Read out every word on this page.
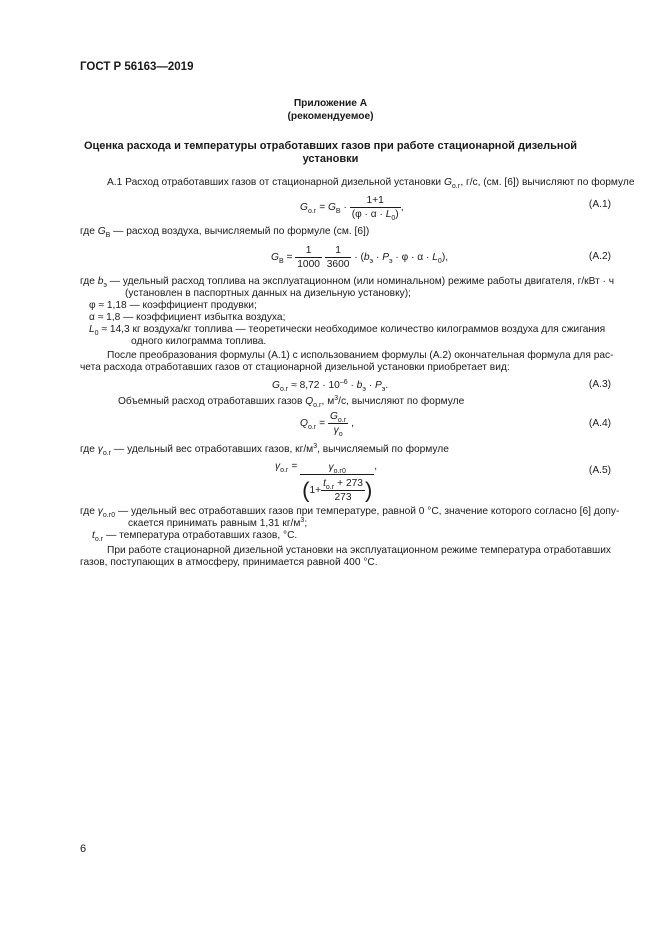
ГОСТ Р 56163—2019
Приложение А
(рекомендуемое)
Оценка расхода и температуры отработавших газов при работе стационарной дизельной
установки
А.1 Расход отработавших газов от стационарной дизельной установки $G_{о.г}$, г/с, (см. [6]) вычисляют по формуле
$G_{о.г} = G_В \cdot \frac{1+1}{(\varphi \cdot \alpha \cdot L_0)}$ ,	(А.1)
где $G_В$ — расход воздуха, вычисляемый по формуле (см. [6])
$G_В = \frac{1}{1000}$
$\frac{1}{3600} \cdot (b_э \cdot P_э \cdot \varphi \cdot \alpha \cdot L_0)$,	(А.2)
где $b_э$ — удельный расход топлива на эксплуатационном (или номинальном) режиме работы двигателя, г/кВт · ч
(установлен в паспортных данных на дизельную установку);
φ ≈ 1,18 — коэффициент продувки;
α ≈ 1,8 — коэффициент избытка воздуха;
$L_0 \approx 14,3$ кг воздуха/кг топлива — теоретически необходимое количество килограммов воздуха для сжигания
одного килограмма топлива.
После преобразования формулы (А.1) с использованием формулы (А.2) окончательная формула для рас-
чета расхода отработавших газов от стационарной дизельной установки приобретает вид:
$G_{о.г} \approx 8,72 \cdot 10^{-6} \cdot b_э \cdot P_э$.	(А.3)
Объемный расход отработавших газов $Q_{о.г}$, $м^3/с$, вычисляют по формуле
$Q_{о.г} = \frac{G_{о.г}}{\gamma_о}$ ,	(А.4)
где $\gamma_{о.г}$ — удельный вес отработавших газов, $кг/м^3$, вычисляемый по формуле
$\gamma_{о.г} = \frac{\gamma_{о.г0}}{(1+ \frac{t_{о.г} + 273}{273} )}$ ,	(А.5)
где $\gamma_{о.г0}$ — удельный вес отработавших газов при температуре, равной 0 °С, значение которого согласно [6] допу-
скается принимать равным 1,31 $кг/м^3$;
$t_{о.г}$ — температура отработавших газов, °С.
При работе стационарной дизельной установки на эксплуатационном режиме температура отработавших
газов, поступающих в атмосферу, принимается равной 400 °С.
6
